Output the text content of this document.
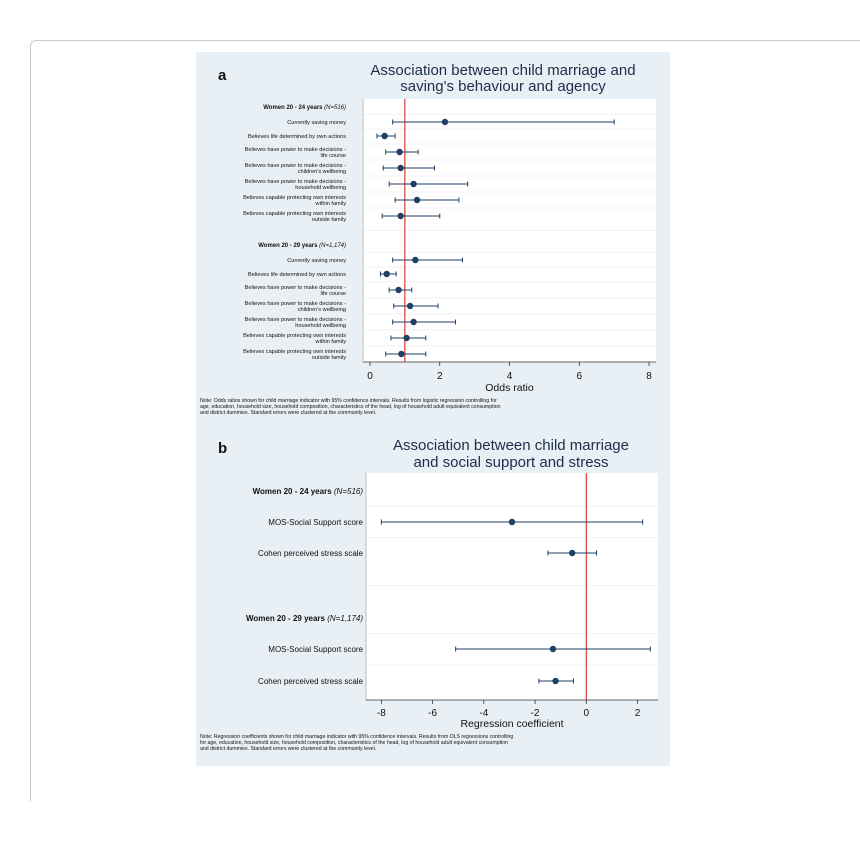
a	Association between child marriage and
saving's behaviour and agency
0	2	4	6	8
Odds ratio
Women 20 - 24 years (N=516)
Currently saving money
Believes life determined by own actions
Believes have power to make decisions -
life course
Believes have power to make decisions -
children's wellbeing
Believes have power to make decisions -
household wellbeing
Believes capable protecting own interests
within family
Believes capable protecting own interests
outside family
Women 20 - 29 years (N=1,174)
Currently saving money
Believes life determined by own actions
Believes have power to make decisions -
life course
Believes have power to make decisions -
children's wellbeing
Believes have power to make decisions -
household wellbeing
Believes capable protecting own interests
within family
Believes capable protecting own interests
outside family
b	Association between child marriage
and social support and stress
-8	-6	-4	-2	0	2
Regression coefficient
Women 20 - 24 years (N=516)
MOS-Social Support score
Cohen perceived stress scale
Women 20 - 29 years (N=1,174)
MOS-Social Support score
Cohen perceived stress scale
Note: Odds ratios shown for child marriage indicator with 95% confidence intervals. Results from logistic regression controlling for
age, education, household size, household composition, characteristics of the head, log of household adult equivalent consumption
and district dummies. Standard errors were clustered at the community level.
Note: Regression coefficients shown for child marriage indicator with 95% confidence intervals. Results from OLS regressions controlling
for age, education, household size, household composition, characteristics of the head, log of household adult equivalent consumption
and district dummies. Standard errors were clustered at the community level.
